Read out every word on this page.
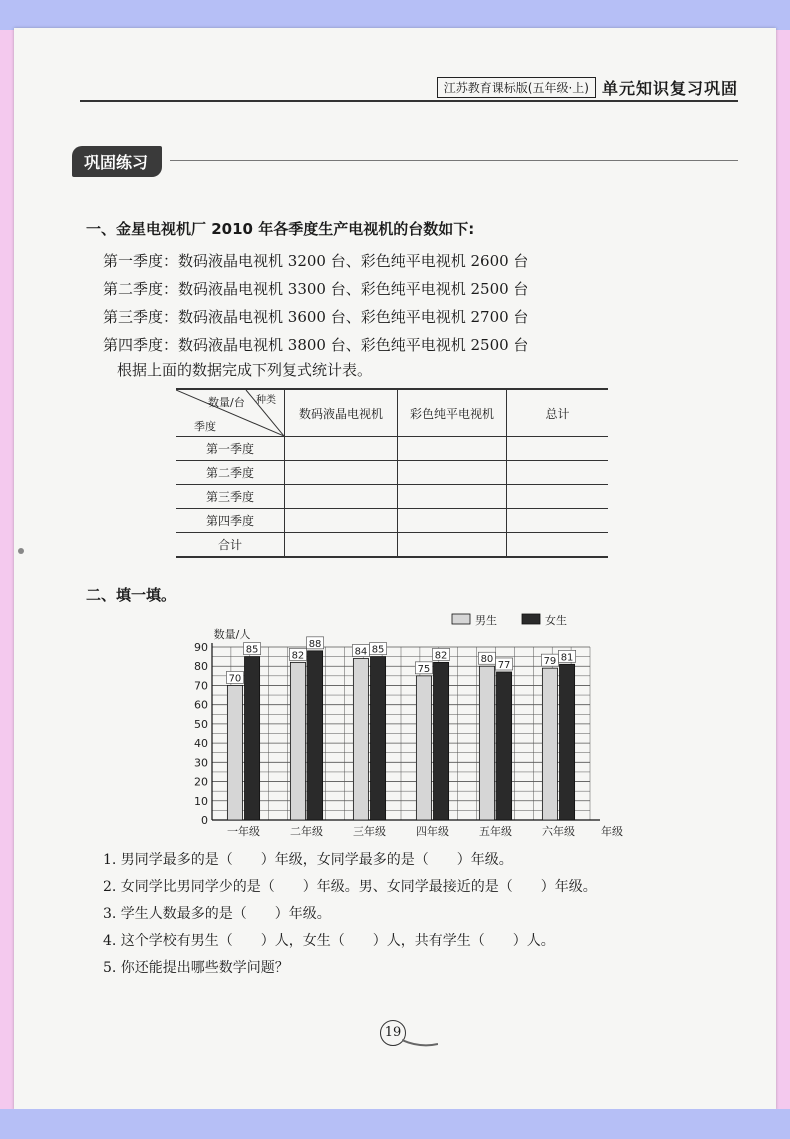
江苏教育课标版(五年级·上) 单元知识复习巩固
巩固练习
一、金星电视机厂 2010 年各季度生产电视机的台数如下:
第一季度：数码液晶电视机 3200 台、彩色纯平电视机 2600 台
第二季度：数码液晶电视机 3300 台、彩色纯平电视机 2500 台
第三季度：数码液晶电视机 3600 台、彩色纯平电视机 2700 台
第四季度：数码液晶电视机 3800 台、彩色纯平电视机 2500 台
根据上面的数据完成下列复式统计表。
数量/台 种类
季度	数码液晶电视机	彩色纯平电视机	总计
第一季度			
第二季度			
第三季度			
第四季度			
合计			
二、填一填。
0
10
20
30
40
50
60
70
80
90
数量/人
年级
70
85
一年级
82
88
二年级
84 85
三年级
75
82
四年级
80
77
五年级
79 81
六年级
男生	女生
1. 男同学最多的是（　　）年级，女同学最多的是（　　）年级。
2. 女同学比男同学少的是（　　）年级。男、女同学最接近的是（　　）年级。
3. 学生人数最多的是（　　）年级。
4. 这个学校有男生（　　）人，女生（　　）人，共有学生（　　）人。
5. 你还能提出哪些数学问题？
19
